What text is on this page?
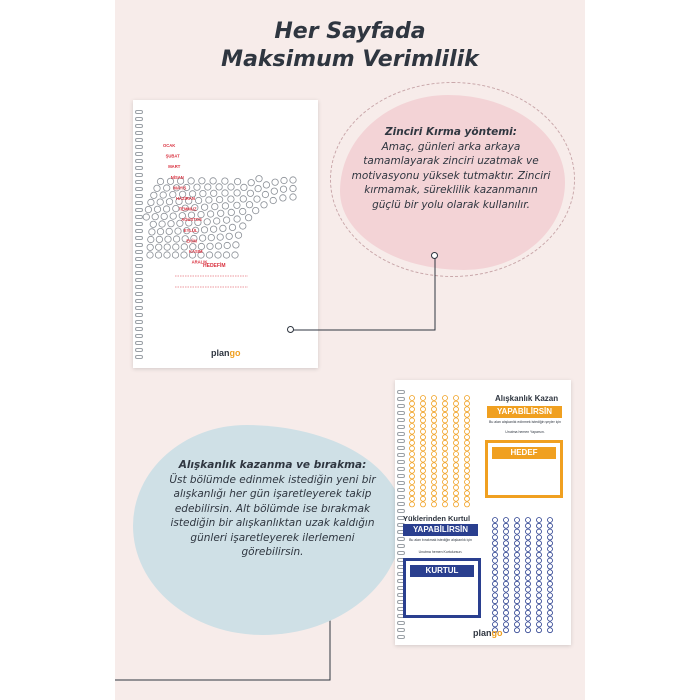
Her Sayfada
Maksimum Verimlilik
OCAK
ŞUBAT
MART
NİSAN
MAYIS
HAZİRAN
TEMMUZ
AĞUSTOS
EYLÜL
EKİM
KASIM
ARALIK
HEDEFİM
plango
Zinciri Kırma yöntemi:
Amaç, günleri arka arkaya tamamlayarak zinciri uzatmak ve motivasyonu yüksek tutmaktır. Zinciri kırmamak, süreklilik kazanmanın güçlü bir yolu olarak kullanılır.
Alışkanlık kazanma ve bırakma:
Üst bölümde edinmek istediğin yeni bir alışkanlığı her gün işaretleyerek takip edebilirsin. Alt bölümde ise bırakmak istediğin bir alışkanlıktan uzak kaldığın günleri işaretleyerek ilerlemeni görebilirsin.
Alışkanlık Kazan
YAPABİLİRSİN
Bu alan alışkanlık edinmek istediğin şeyler için
Unutma hemen Yaparsın.
HEDEF
Yüklerinden Kurtul
YAPABİLİRSİN
Bu alan bırakmak istediğin alışkanlık için
Unutma hemen Kurtulursun.
KURTUL
plango
